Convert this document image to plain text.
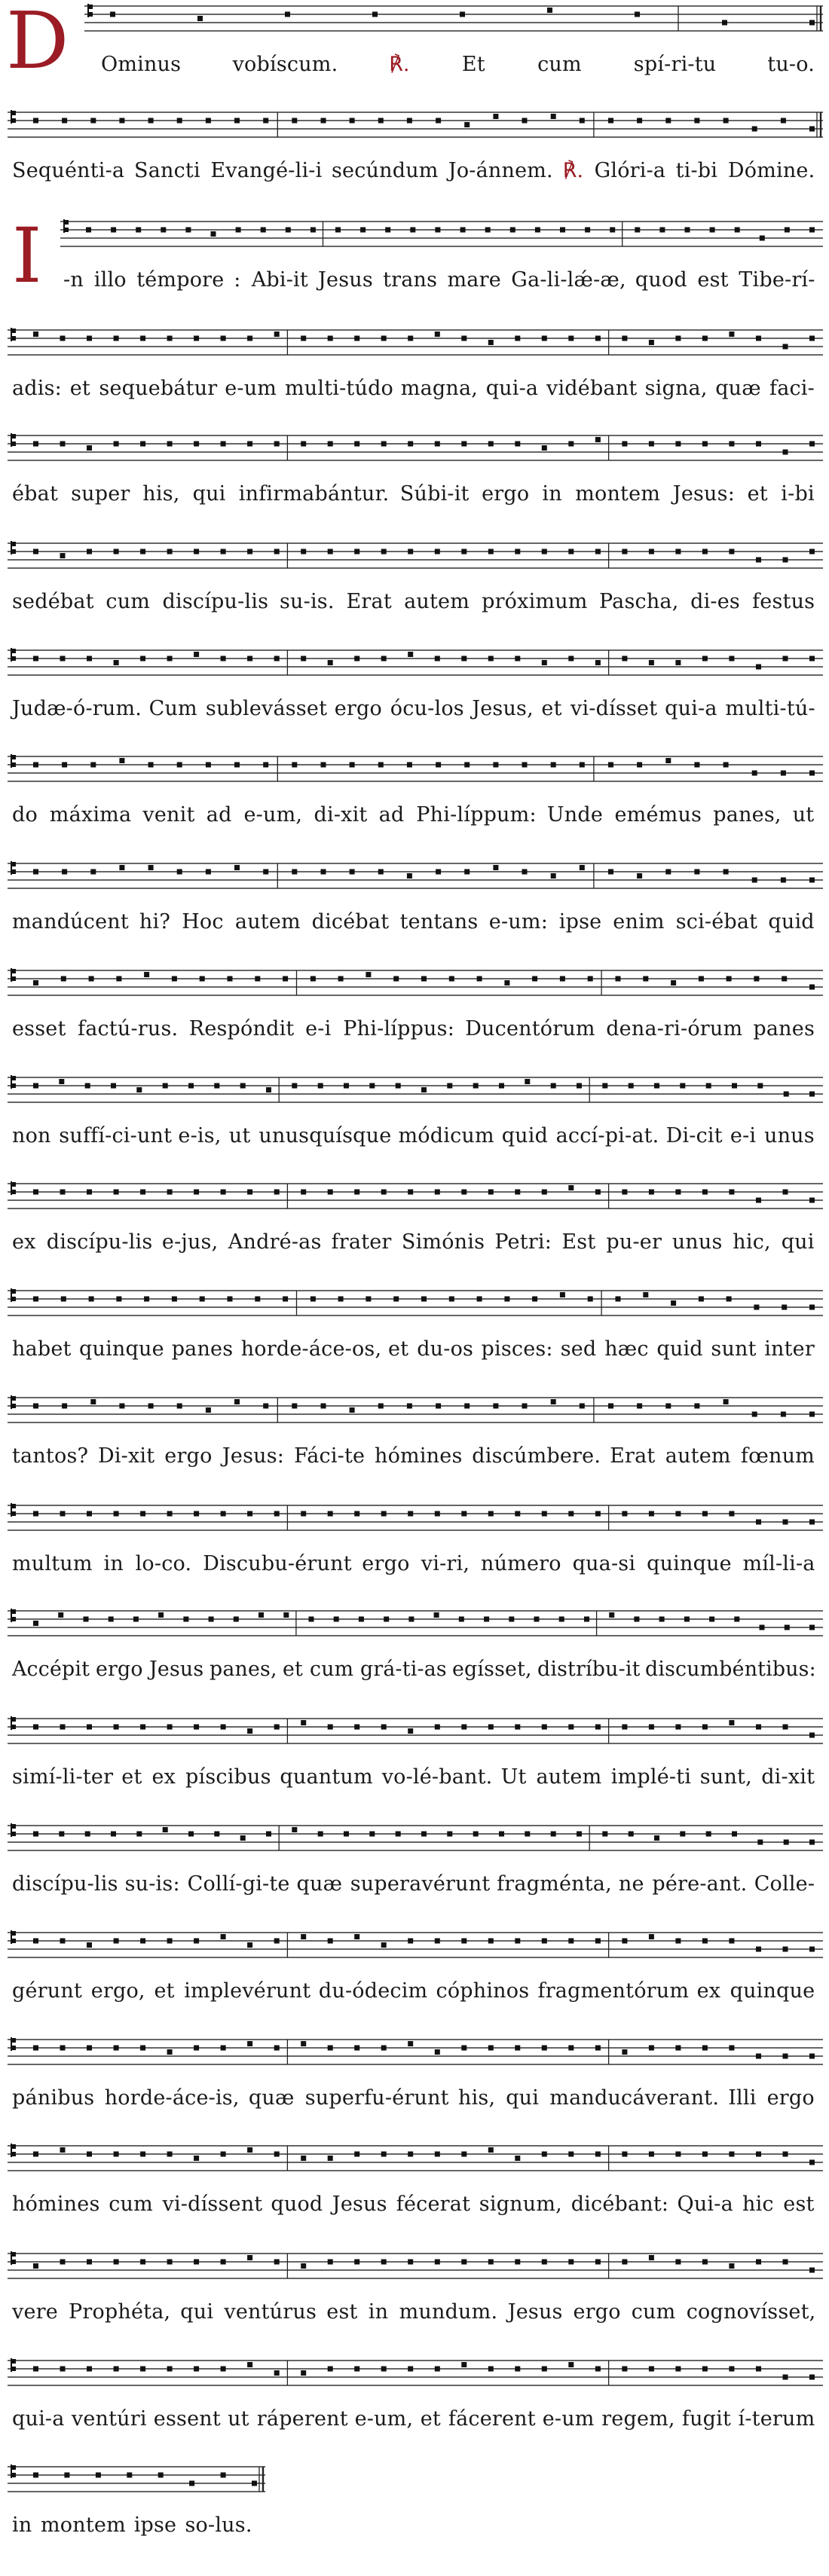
D Ominus	vobíscum.	℟.	Et	cum	spí-ri-tu	tu-o.
Sequénti-a Sancti Evangé-li-i secúndum Jo-ánnem. ℟. Glóri-a ti-bi Dómine.
I -n illo témpore : Abi-it Jesus trans mare Ga-li-lǽ-æ, quod est Tibe-rí-
adis: et sequebátur e-um multi-túdo magna, qui-a vidébant signa, quæ faci-
ébat super his, qui infirmabántur. Súbi-it ergo in montem Jesus: et i-bi
sedébat cum discípu-lis su-is. Erat autem próximum Pascha, di-es festus
Judæ-ó-rum. Cum sublevásset ergo ócu-los Jesus, et vi-dísset qui-a multi-tú-
do máxima venit ad e-um, di-xit ad Phi-líppum: Unde emémus panes, ut
mandúcent hi? Hoc autem dicébat tentans e-um: ipse enim sci-ébat quid
esset factú-rus. Respóndit e-i Phi-líppus: Ducentórum dena-ri-órum panes
non suffí-ci-unt e-is, ut unusquísque módicum quid accí-pi-at. Di-cit e-i unus
ex discípu-lis e-jus, André-as frater Simónis Petri: Est pu-er unus hic, qui
habet quinque panes horde-áce-os, et du-os pisces: sed hæc quid sunt inter
tantos? Di-xit ergo Jesus: Fáci-te hómines discúmbere. Erat autem fœnum
multum in lo-co. Discubu-érunt ergo vi-ri, número qua-si quinque míl-li-a
Accépit ergo Jesus panes, et cum grá-ti-as egísset, distríbu-it discumbéntibus:
simí-li-ter et ex píscibus quantum vo-lé-bant. Ut autem implé-ti sunt, di-xit
discípu-lis su-is: Collí-gi-te quæ superavérunt fragménta, ne pére-ant. Colle-
gérunt ergo, et implevérunt du-ódecim cóphinos fragmentórum ex quinque
pánibus horde-áce-is, quæ superfu-érunt his, qui manducáverant. Illi ergo
hómines cum vi-díssent quod Jesus fécerat signum, dicébant: Qui-a hic est
vere Prophéta, qui ventúrus est in mundum. Jesus ergo cum cognovísset,
qui-a ventúri essent ut ráperent e-um, et fácerent e-um regem, fugit í-terum
in montem ipse so-lus.
